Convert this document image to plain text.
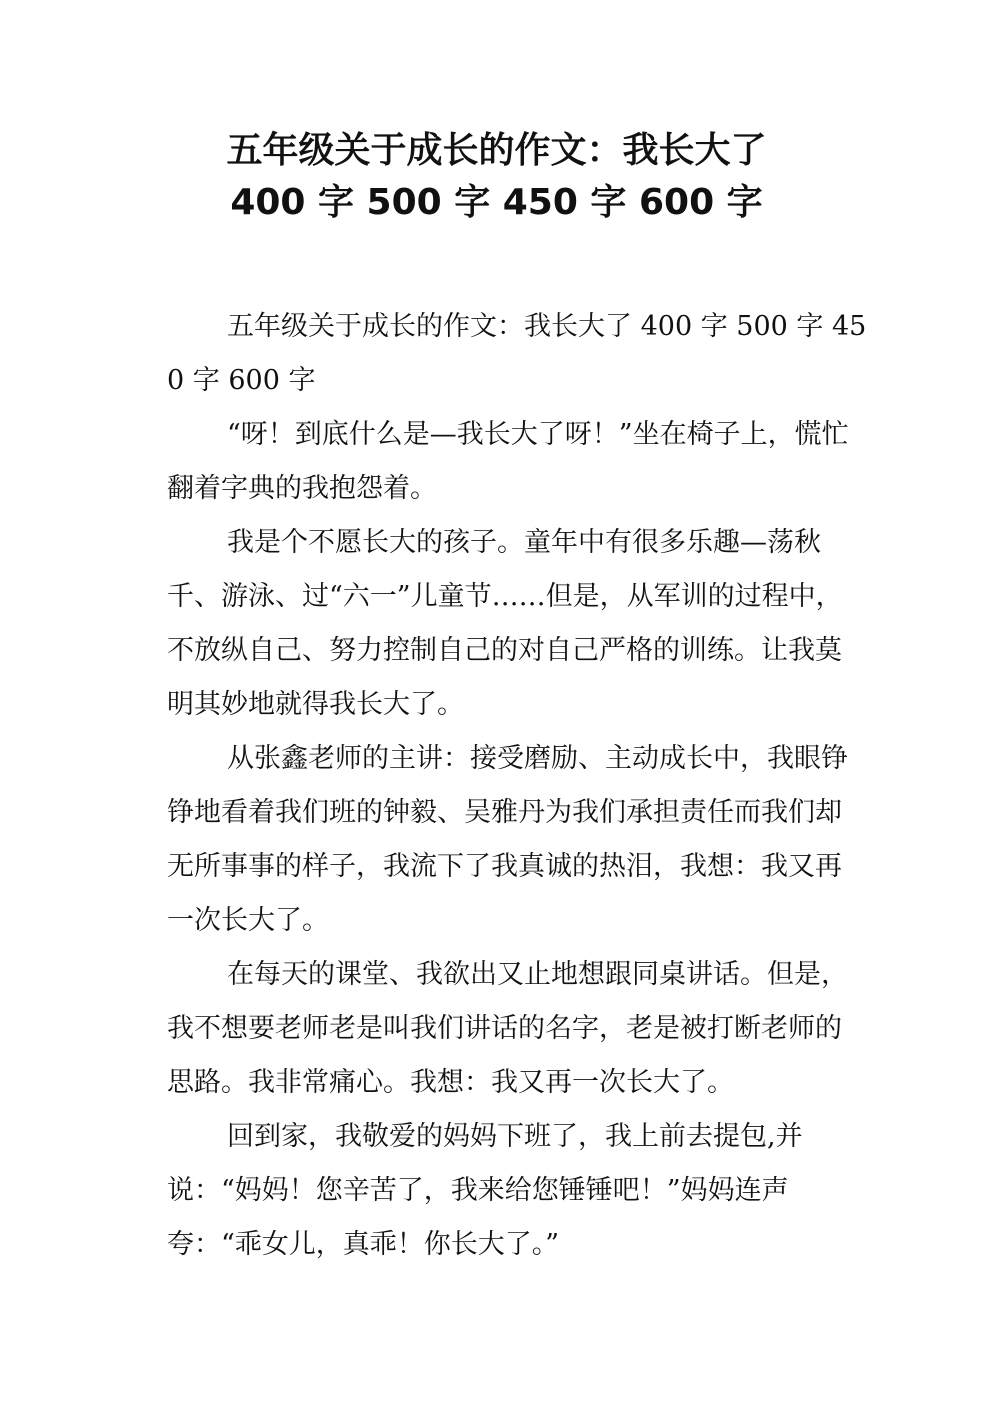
五年级关于成长的作文：我长大了
400 字 500 字 450 字 600 字

五年级关于成长的作文：我长大了 400 字 500 字 450 字 600 字

“呀！到底什么是—我长大了呀！”坐在椅子上，慌忙翻着字典的我抱怨着。

我是个不愿长大的孩子。童年中有很多乐趣—荡秋千、游泳、过“六一”儿童节……但是，从军训的过程中，不放纵自己、努力控制自己的对自己严格的训练。让我莫明其妙地就得我长大了。

从张鑫老师的主讲：接受磨励、主动成长中，我眼铮铮地看着我们班的钟毅、吴雅丹为我们承担责任而我们却无所事事的样子，我流下了我真诚的热泪，我想：我又再一次长大了。

在每天的课堂、我欲出又止地想跟同桌讲话。但是，我不想要老师老是叫我们讲话的名字，老是被打断老师的思路。我非常痛心。我想：我又再一次长大了。

回到家，我敬爱的妈妈下班了，我上前去提包,并说：“妈妈！您辛苦了，我来给您锤锤吧！”妈妈连声夸：“乖女儿，真乖！你长大了。”
